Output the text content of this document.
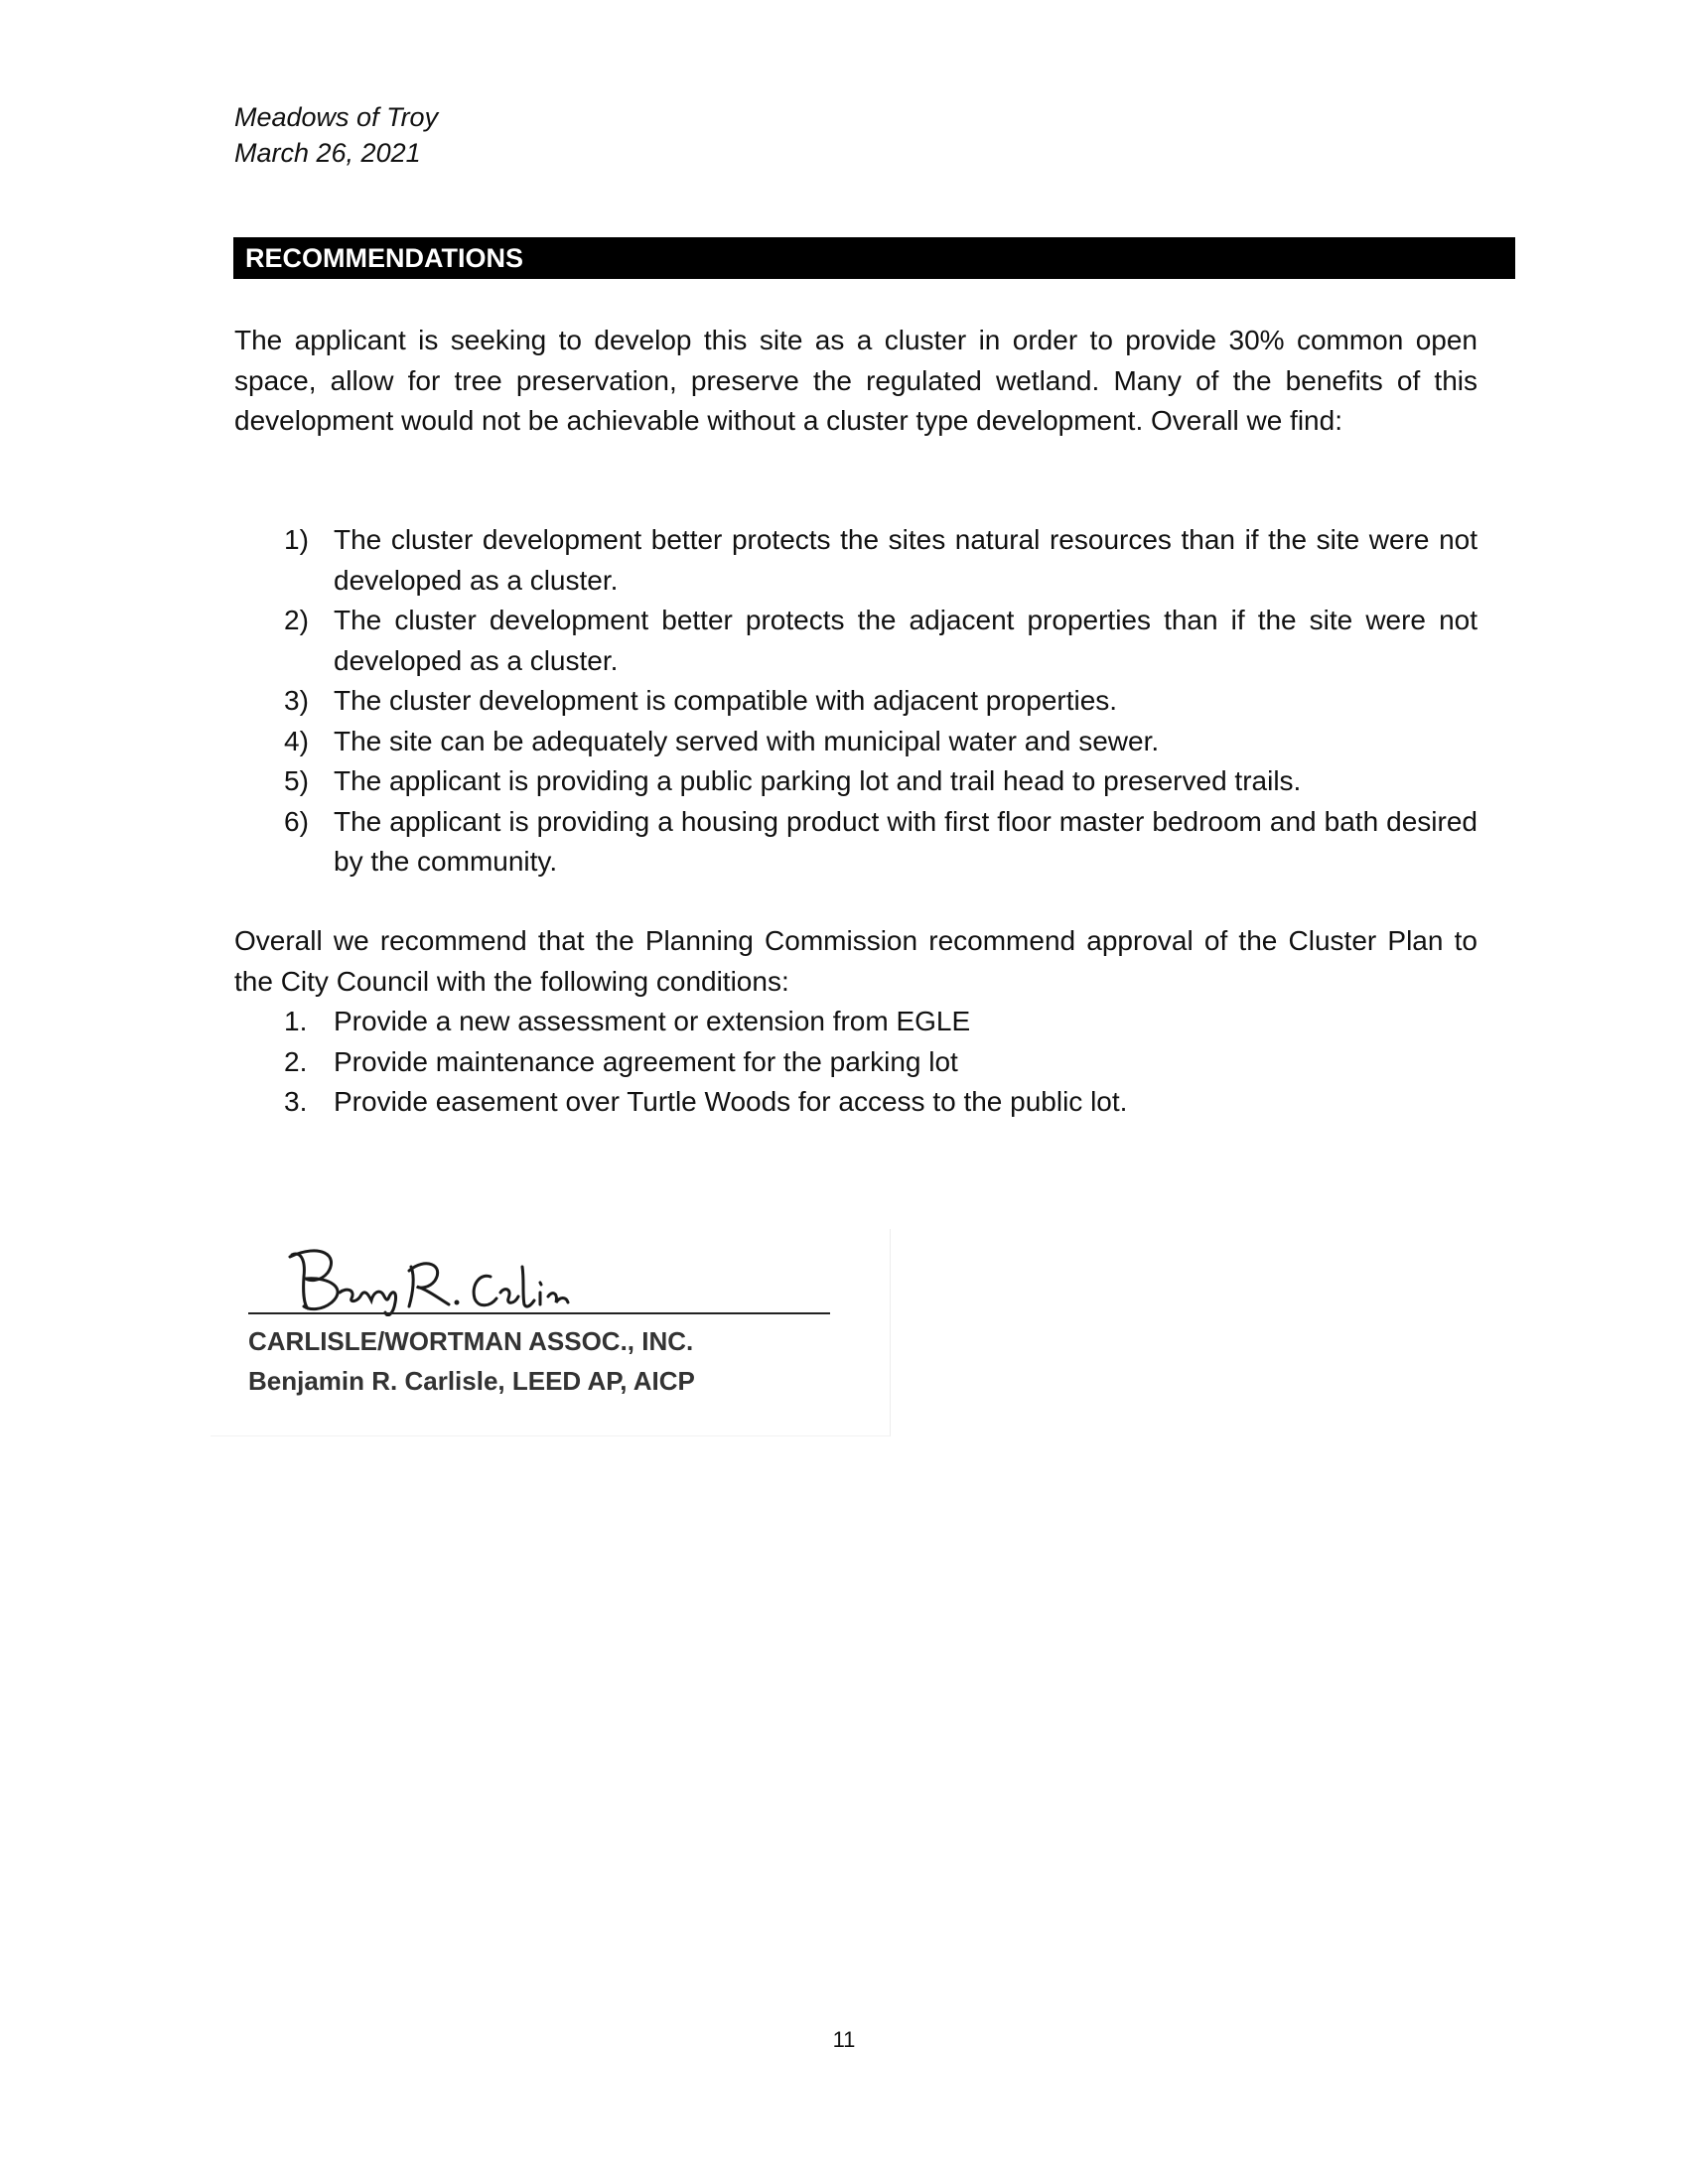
Meadows of Troy
March 26, 2021
RECOMMENDATIONS
The applicant is seeking to develop this site as a cluster in order to provide 30% common open space, allow for tree preservation, preserve the regulated wetland. Many of the benefits of this development would not be achievable without a cluster type development. Overall we find:
1) The cluster development better protects the sites natural resources than if the site were not developed as a cluster.
2) The cluster development better protects the adjacent properties than if the site were not developed as a cluster.
3) The cluster development is compatible with adjacent properties.
4) The site can be adequately served with municipal water and sewer.
5) The applicant is providing a public parking lot and trail head to preserved trails.
6) The applicant is providing a housing product with first floor master bedroom and bath desired by the community.
Overall we recommend that the Planning Commission recommend approval of the Cluster Plan to the City Council with the following conditions:
1. Provide a new assessment or extension from EGLE
2. Provide maintenance agreement for the parking lot
3. Provide easement over Turtle Woods for access to the public lot.
CARLISLE/WORTMAN ASSOC., INC.
Benjamin R. Carlisle, LEED AP, AICP
11
